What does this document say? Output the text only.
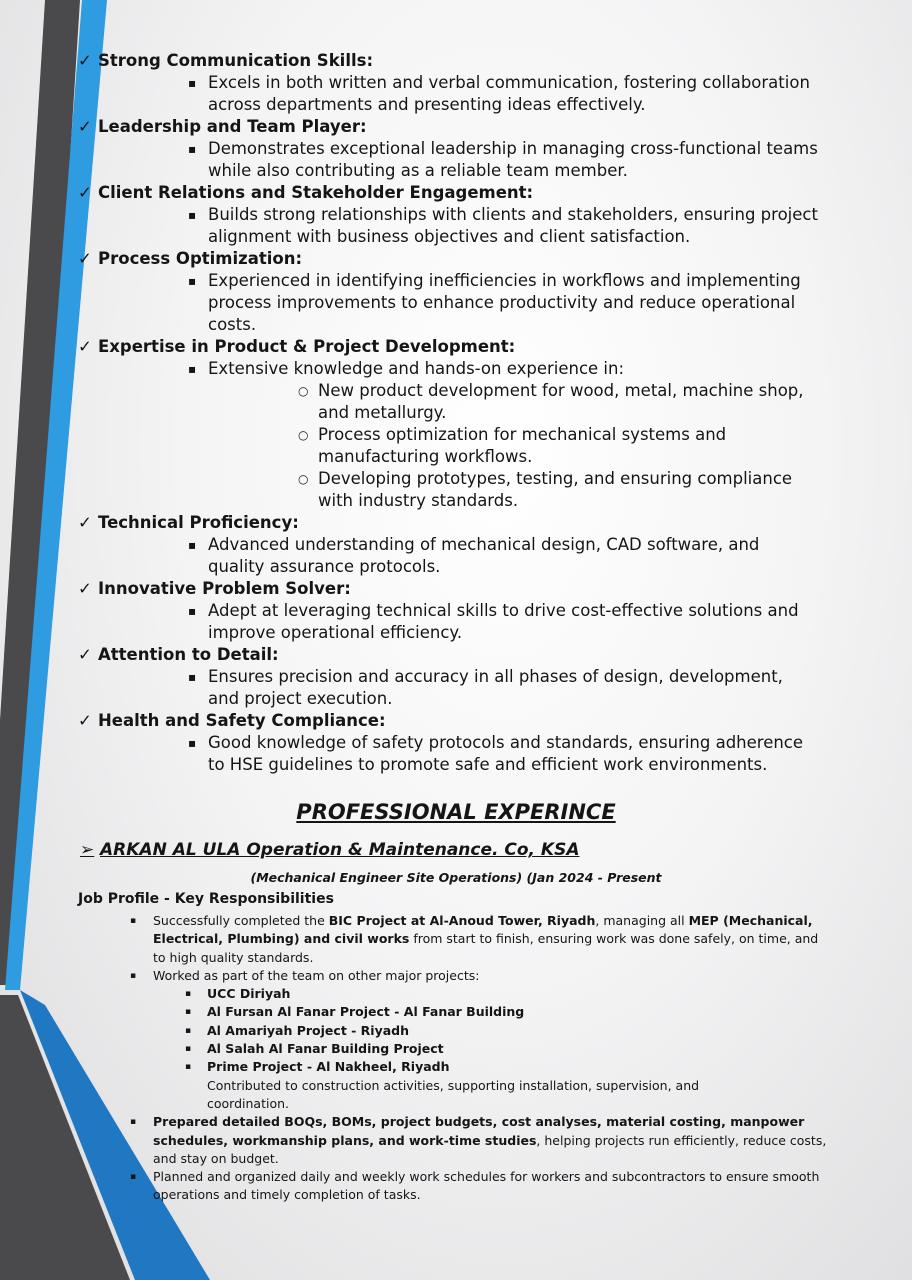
✓ Strong Communication Skills:
▪ Excels in both written and verbal communication, fostering collaboration across departments and presenting ideas effectively.
✓ Leadership and Team Player:
▪ Demonstrates exceptional leadership in managing cross-functional teams while also contributing as a reliable team member.
✓ Client Relations and Stakeholder Engagement:
▪ Builds strong relationships with clients and stakeholders, ensuring project alignment with business objectives and client satisfaction.
✓ Process Optimization:
▪ Experienced in identifying inefficiencies in workflows and implementing process improvements to enhance productivity and reduce operational costs.
✓ Expertise in Product & Project Development:
▪ Extensive knowledge and hands-on experience in:
○ New product development for wood, metal, machine shop, and metallurgy.
○ Process optimization for mechanical systems and manufacturing workflows.
○ Developing prototypes, testing, and ensuring compliance with industry standards.
✓ Technical Proficiency:
▪ Advanced understanding of mechanical design, CAD software, and quality assurance protocols.
✓ Innovative Problem Solver:
▪ Adept at leveraging technical skills to drive cost-effective solutions and improve operational efficiency.
✓ Attention to Detail:
▪ Ensures precision and accuracy in all phases of design, development, and project execution.
✓ Health and Safety Compliance:
▪ Good knowledge of safety protocols and standards, ensuring adherence to HSE guidelines to promote safe and efficient work environments.
PROFESSIONAL EXPERINCE
➢ ARKAN AL ULA Operation & Maintenance. Co, KSA
(Mechanical Engineer Site Operations) (Jan 2024 - Present
Job Profile - Key Responsibilities
▪	Successfully completed the BIC Project at Al-Anoud Tower, Riyadh, managing all MEP (Mechanical, Electrical, Plumbing) and civil works from start to finish, ensuring work was done safely, on time, and to high quality standards.
▪	Worked as part of the team on other major projects:
▪	UCC Diriyah
▪	Al Fursan Al Fanar Project - Al Fanar Building
▪	Al Amariyah Project - Riyadh
▪	Al Salah Al Fanar Building Project
▪	Prime Project - Al Nakheel, Riyadh
Contributed to construction activities, supporting installation, supervision, and coordination.
▪	Prepared detailed BOQs, BOMs, project budgets, cost analyses, material costing, manpower schedules, workmanship plans, and work-time studies, helping projects run efficiently, reduce costs, and stay on budget.
▪	Planned and organized daily and weekly work schedules for workers and subcontractors to ensure smooth operations and timely completion of tasks.
